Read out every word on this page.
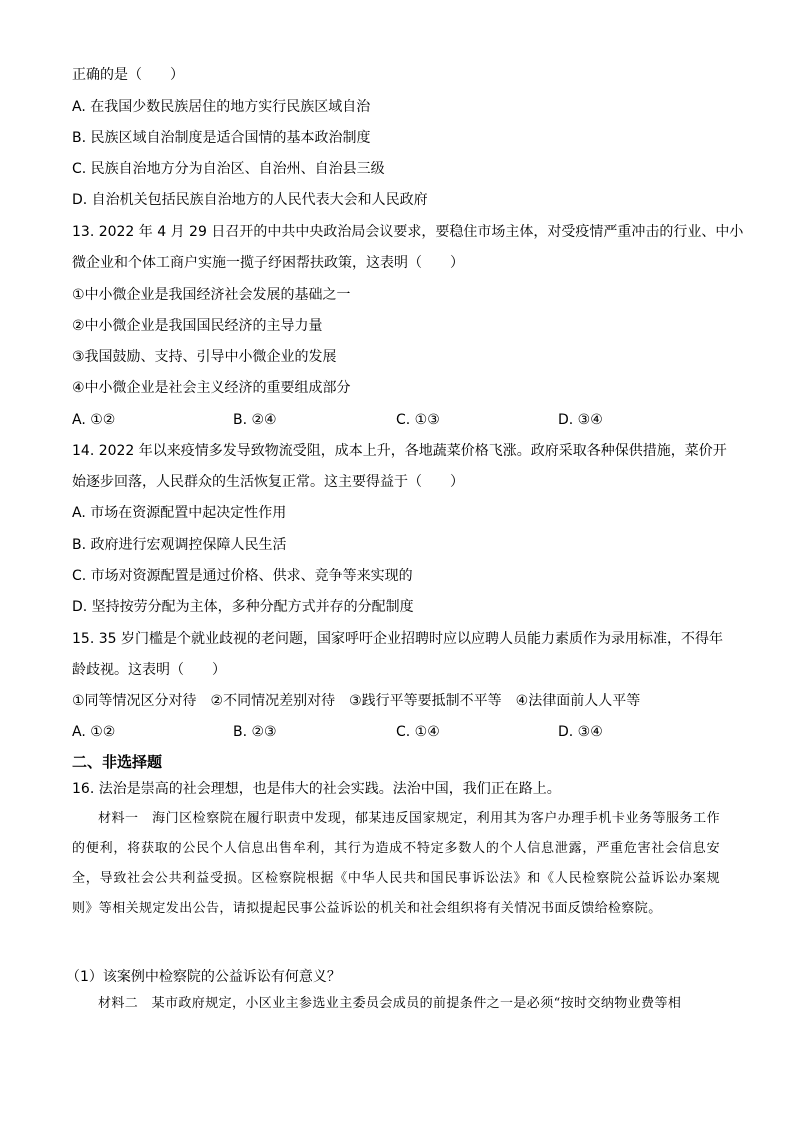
正确的是（　　）
A. 在我国少数民族居住的地方实行民族区域自治
B. 民族区域自治制度是适合国情的基本政治制度
C. 民族自治地方分为自治区、自治州、自治县三级
D. 自治机关包括民族自治地方的人民代表大会和人民政府
13. 2022 年 4 月 29 日召开的中共中央政治局会议要求，要稳住市场主体，对受疫情严重冲击的行业、中小
微企业和个体工商户实施一揽子纾困帮扶政策，这表明（　　）
①中小微企业是我国经济社会发展的基础之一
②中小微企业是我国国民经济的主导力量
③我国鼓励、支持、引导中小微企业的发展
④中小微企业是社会主义经济的重要组成部分
A. ①②	B. ②④	C. ①③	D. ③④
14. 2022 年以来疫情多发导致物流受阻，成本上升，各地蔬菜价格飞涨。政府采取各种保供措施，菜价开
始逐步回落，人民群众的生活恢复正常。这主要得益于（　　）
A. 市场在资源配置中起决定性作用
B. 政府进行宏观调控保障人民生活
C. 市场对资源配置是通过价格、供求、竞争等来实现的
D. 坚持按劳分配为主体，多种分配方式并存的分配制度
15. 35 岁门槛是个就业歧视的老问题，国家呼吁企业招聘时应以应聘人员能力素质作为录用标准，不得年
龄歧视。这表明（　　）
①同等情况区分对待　②不同情况差别对待　③践行平等要抵制不平等　④法律面前人人平等
A. ①②	B. ②③	C. ①④	D. ③④
二、非选择题
16. 法治是崇高的社会理想，也是伟大的社会实践。法治中国，我们正在路上。
材料一　海门区检察院在履行职责中发现，郁某违反国家规定，利用其为客户办理手机卡业务等服务工作的便利，将获取的公民个人信息出售牟利，其行为造成不特定多数人的个人信息泄露，严重危害社会信息安全，导致社会公共利益受损。区检察院根据《中华人民共和国民事诉讼法》和《人民检察院公益诉讼办案规则》等相关规定发出公告，请拟提起民事公益诉讼的机关和社会组织将有关情况书面反馈给检察院。
（1）该案例中检察院的公益诉讼有何意义？
材料二　某市政府规定，小区业主参选业主委员会成员的前提条件之一是必须“按时交纳物业费等相
